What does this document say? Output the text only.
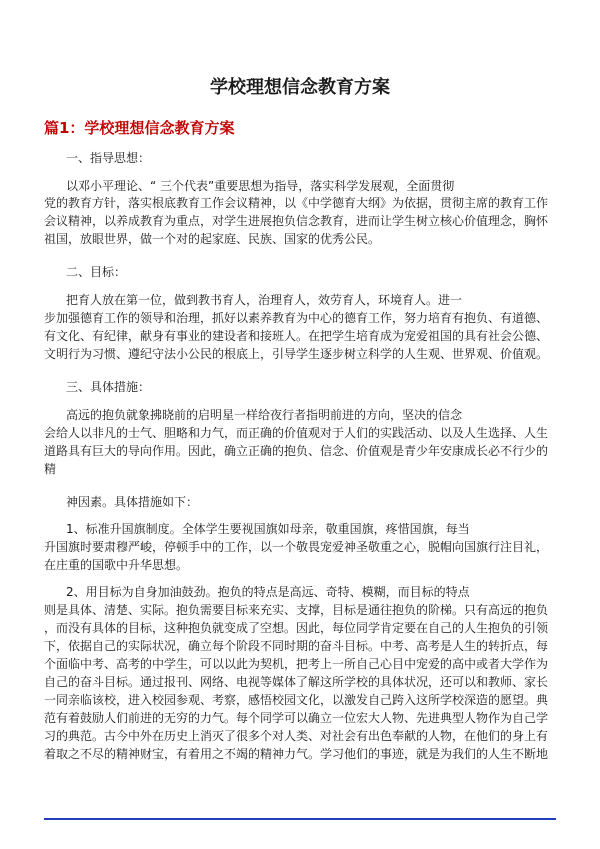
学校理想信念教育方案
篇1：学校理想信念教育方案

一、指导思想：

以邓小平理论、“ 三个代表”重要思想为指导，落实科学发展观，全面贯彻

党的教育方针，落实根底教育工作会议精神，以《中学德育大纲》为依据，贯彻主席的教育工作

会议精神，以养成教育为重点，对学生进展抱负信念教育，进而让学生树立核心价值理念，胸怀

祖国，放眼世界，做一个对的起家庭、民族、国家的优秀公民。

二、目标：

把育人放在第一位，做到教书育人，治理育人，效劳育人，环境育人。进一

步加强德育工作的领导和治理，抓好以素养教育为中心的德育工作，努力培育有抱负、有道德、

有文化、有纪律，献身有事业的建设者和接班人。在把学生培育成为宠爱祖国的具有社会公德、

文明行为习惯、遵纪守法小公民的根底上，引导学生逐步树立科学的人生观、世界观、价值观。

三、具体措施：

高远的抱负就象拂晓前的启明星一样给夜行者指明前进的方向，坚决的信念

会给人以非凡的士气、胆略和力气，而正确的价值观对于人们的实践活动、以及人生选择、人生

道路具有巨大的导向作用。因此，确立正确的抱负、信念、价值观是青少年安康成长必不行少的

精

神因素。具体措施如下：

1、标准升国旗制度。全体学生要视国旗如母亲，敬重国旗，疼惜国旗，每当

升国旗时要肃穆严峻，停顿手中的工作，以一个敬畏宠爱神圣敬重之心，脱帽向国旗行注目礼，

在庄重的国歌中升华思想。

2、用目标为自身加油鼓劲。抱负的特点是高远、奇特、模糊，而目标的特点

则是具体、清楚、实际。抱负需要目标来充实、支撑，目标是通往抱负的阶梯。只有高远的抱负

，而没有具体的目标，这种抱负就变成了空想。因此，每位同学肯定要在自己的人生抱负的引领

下，依据自己的实际状况，确立每个阶段不同时期的奋斗目标。中考、高考是人生的转折点，每

个面临中考、高考的中学生，可以以此为契机，把考上一所自己心目中宠爱的高中或者大学作为

自己的奋斗目标。通过报刊、网络、电视等媒体了解这所学校的具体状况，还可以和教师、家长

一同亲临该校，进入校园参观、考察，感悟校园文化，以激发自己跨入这所学校深造的愿望。典

范有着鼓励人们前进的无穷的力气。每个同学可以确立一位宏大人物、先进典型人物作为自己学

习的典范。古今中外在历史上消灭了很多个对人类、对社会有出色奉献的人物，在他们的身上有

着取之不尽的精神财宝，有着用之不竭的精神力气。学习他们的事迹，就是为我们的人生不断地
